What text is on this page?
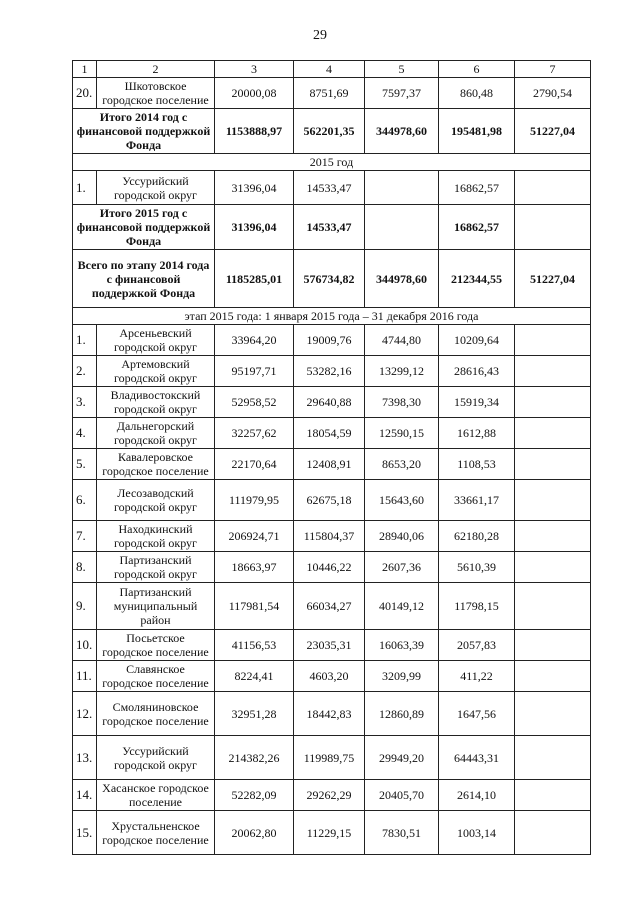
29
1	2	3	4	5	6	7
20.	Шкотовское городское поселение	20000,08	8751,69	7597,37	860,48	2790,54
Итого 2014 год с финансовой поддержкой Фонда		1153888,97	562201,35	344978,60	195481,98	51227,04
2015 год						
1.	Уссурийский городской округ	31396,04	14533,47		16862,57	
Итого 2015 год с финансовой поддержкой Фонда		31396,04	14533,47		16862,57	
Всего по этапу 2014 года с финансовой поддержкой Фонда		1185285,01	576734,82	344978,60	212344,55	51227,04
этап 2015 года: 1 января 2015 года – 31 декабря 2016 года						
1.	Арсеньевский городской округ	33964,20	19009,76	4744,80	10209,64	
2.	Артемовский городской округ	95197,71	53282,16	13299,12	28616,43	
3.	Владивостокский городской округ	52958,52	29640,88	7398,30	15919,34	
4.	Дальнегорский городской округ	32257,62	18054,59	12590,15	1612,88	
5.	Кавалеровское городское поселение	22170,64	12408,91	8653,20	1108,53	
6.	Лесозаводский городской округ	111979,95	62675,18	15643,60	33661,17	
7.	Находкинский городской округ	206924,71	115804,37	28940,06	62180,28	
8.	Партизанский городской округ	18663,97	10446,22	2607,36	5610,39	
9.	Партизанский муниципальный район	117981,54	66034,27	40149,12	11798,15	
10.	Посьетское городское поселение	41156,53	23035,31	16063,39	2057,83	
11.	Славянское городское поселение	8224,41	4603,20	3209,99	411,22	
12.	Смоляниновское городское поселение	32951,28	18442,83	12860,89	1647,56	
13.	Уссурийский городской округ	214382,26	119989,75	29949,20	64443,31	
14.	Хасанское городское поселение	52282,09	29262,29	20405,70	2614,10	
15.	Хрустальненское городское поселение	20062,80	11229,15	7830,51	1003,14	
